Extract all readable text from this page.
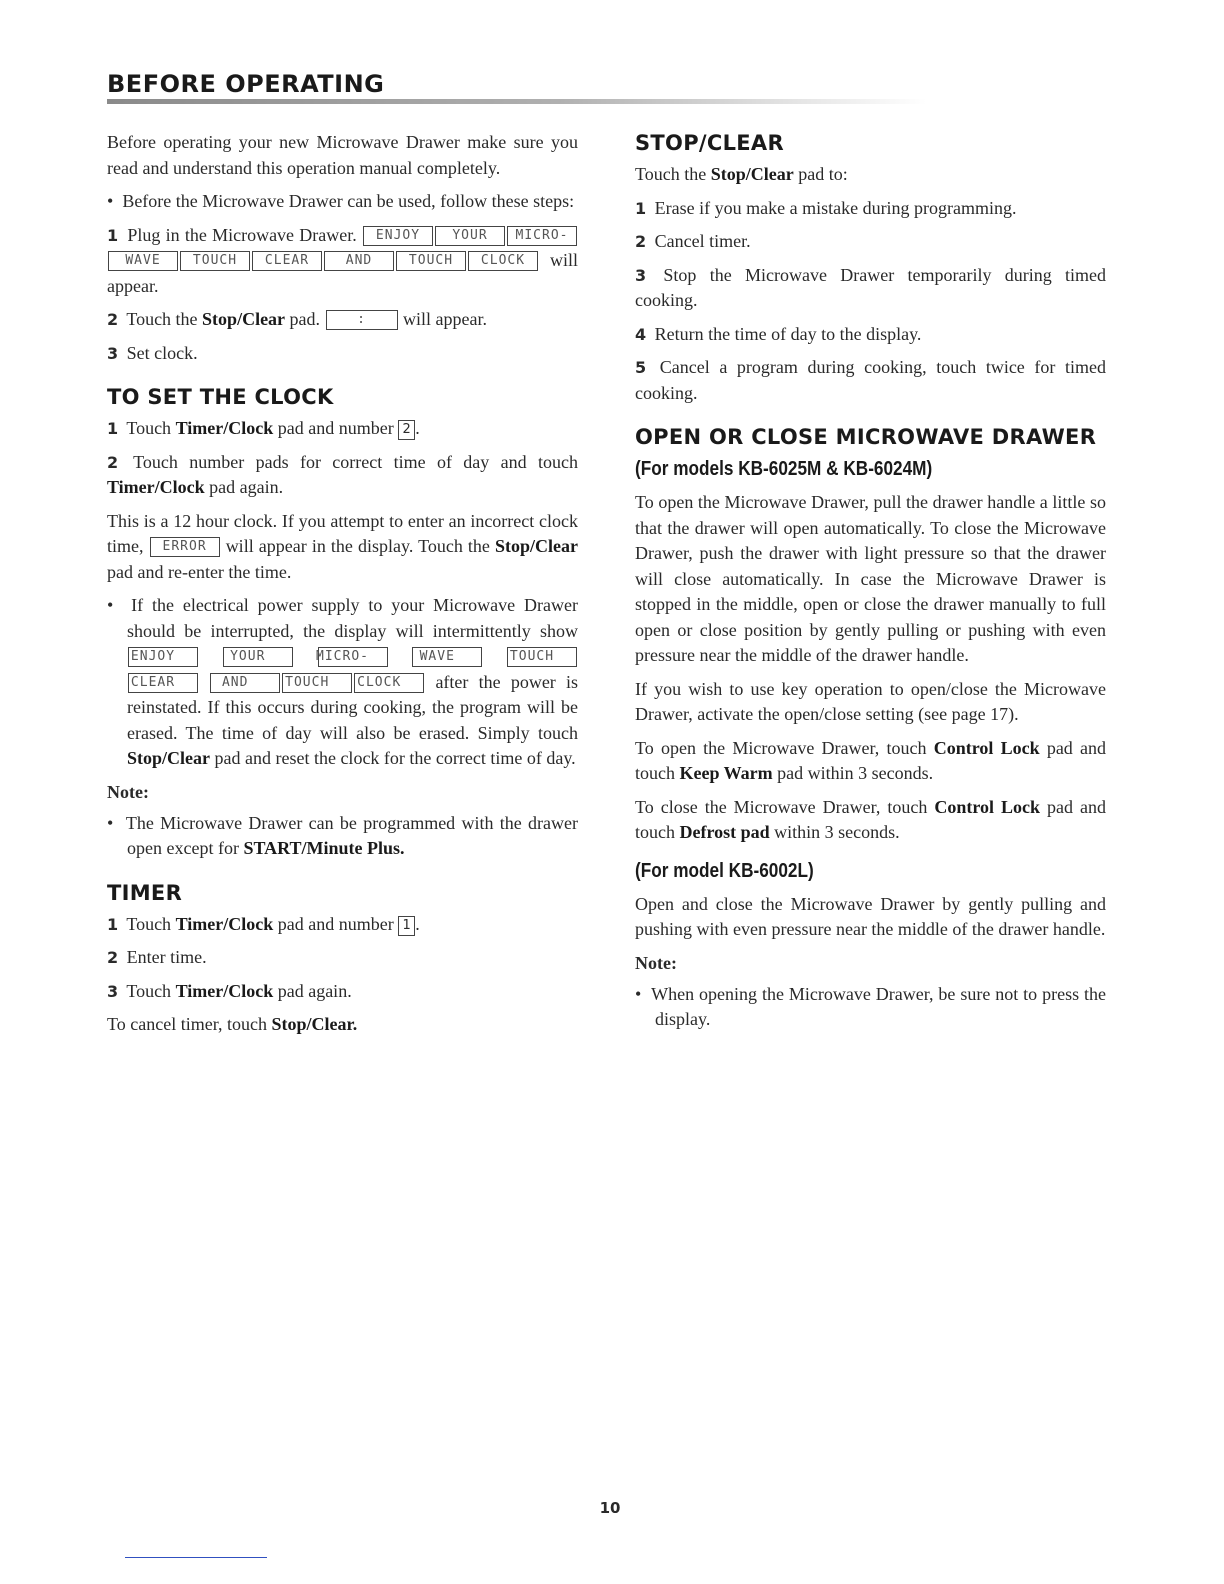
BEFORE OPERATING

Before operating your new Microwave Drawer make sure you read and understand this operation manual completely.

•  Before the Microwave Drawer can be used, follow these steps:

1 Plug in the Microwave Drawer. ENJOY YOUR MICRO- WAVE TOUCH CLEAR	AND	TOUCH CLOCK will appear.

2 Touch the Stop/Clear pad.	: will appear.

3 Set clock.

TO SET THE CLOCK

1 Touch Timer/Clock pad and number 2 .

2 Touch number pads for correct time of day and touch Timer/Clock pad again.

This is a 12 hour clock. If you attempt to enter an incorrect clock time, ERROR will appear in the display. Touch the Stop/Clear pad and re-enter the time.

•  If the electrical power supply to your Microwave Drawer should be interrupted, the display will intermittently show ENJOY	YOUR	MICRO-	WAVE	TOUCH CLEAR	AND	TOUCH CLOCK after the power is reinstated. If this occurs during cooking, the program will be erased. The time of day will also be erased. Simply touch Stop/Clear pad and reset the clock for the correct time of day.

Note:

•  The Microwave Drawer can be programmed with the drawer open except for START/Minute Plus.

TIMER

1 Touch Timer/Clock pad and number 1 .

2 Enter time.

3 Touch Timer/Clock pad again.

To cancel timer, touch Stop/Clear.

STOP/CLEAR

Touch the Stop/Clear pad to:

1 Erase if you make a mistake during programming.

2 Cancel timer.

3 Stop the Microwave Drawer temporarily during timed cooking.

4 Return the time of day to the display.

5 Cancel a program during cooking, touch twice for timed cooking.

OPEN OR CLOSE MICROWAVE DRAWER
(For models KB-6025M & KB-6024M)

To open the Microwave Drawer, pull the drawer handle a little so that the drawer will open automatically. To close the Microwave Drawer, push the drawer with light pressure so that the drawer will close automatically. In case the Microwave Drawer is stopped in the middle, open or close the drawer manually to full open or close position by gently pulling or pushing with even pressure near the middle of the drawer handle.

If you wish to use key operation to open/close the Microwave Drawer, activate the open/close setting (see page 17).

To open the Microwave Drawer, touch Control Lock pad and touch Keep Warm pad within 3 seconds.

To close the Microwave Drawer, touch Control Lock pad and touch Defrost pad within 3 seconds.

(For model KB-6002L)

Open and close the Microwave Drawer by gently pulling and pushing with even pressure near the middle of the drawer handle.

Note:

•  When opening the Microwave Drawer, be sure not to press the display.

10
